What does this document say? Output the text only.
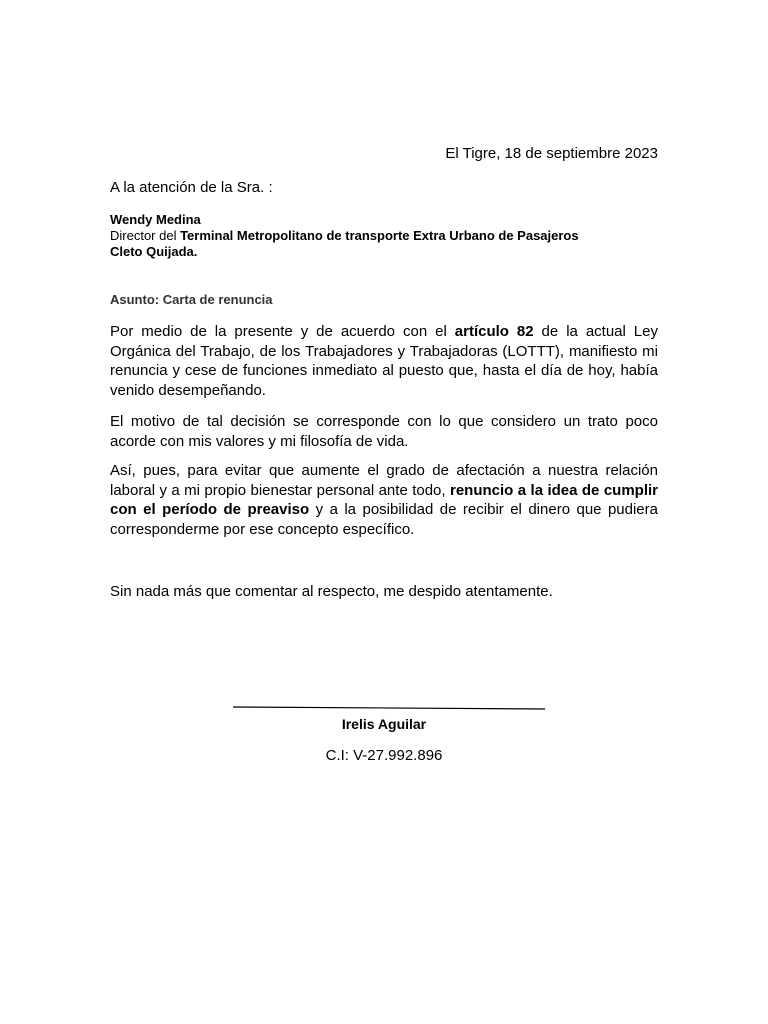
El Tigre, 18 de septiembre 2023
A la atención de la Sra. :
Wendy Medina
Director del Terminal Metropolitano de transporte Extra Urbano de Pasajeros
Cleto Quijada.
Asunto: Carta de renuncia

Por medio de la presente y de acuerdo con el artículo 82 de la actual Ley Orgánica del Trabajo, de los Trabajadores y Trabajadoras (LOTTT), manifiesto mi renuncia y cese de funciones inmediato al puesto que, hasta el día de hoy, había venido desempeñando.

El motivo de tal decisión se corresponde con lo que considero un trato poco acorde con mis valores y mi filosofía de vida.

Así, pues, para evitar que aumente el grado de afectación a nuestra relación laboral y a mi propio bienestar personal ante todo, renuncio a la idea de cumplir con el período de preaviso y a la posibilidad de recibir el dinero que pudiera corresponderme por ese concepto específico.

Sin nada más que comentar al respecto, me despido atentamente.
Irelis Aguilar
C.I: V-27.992.896
